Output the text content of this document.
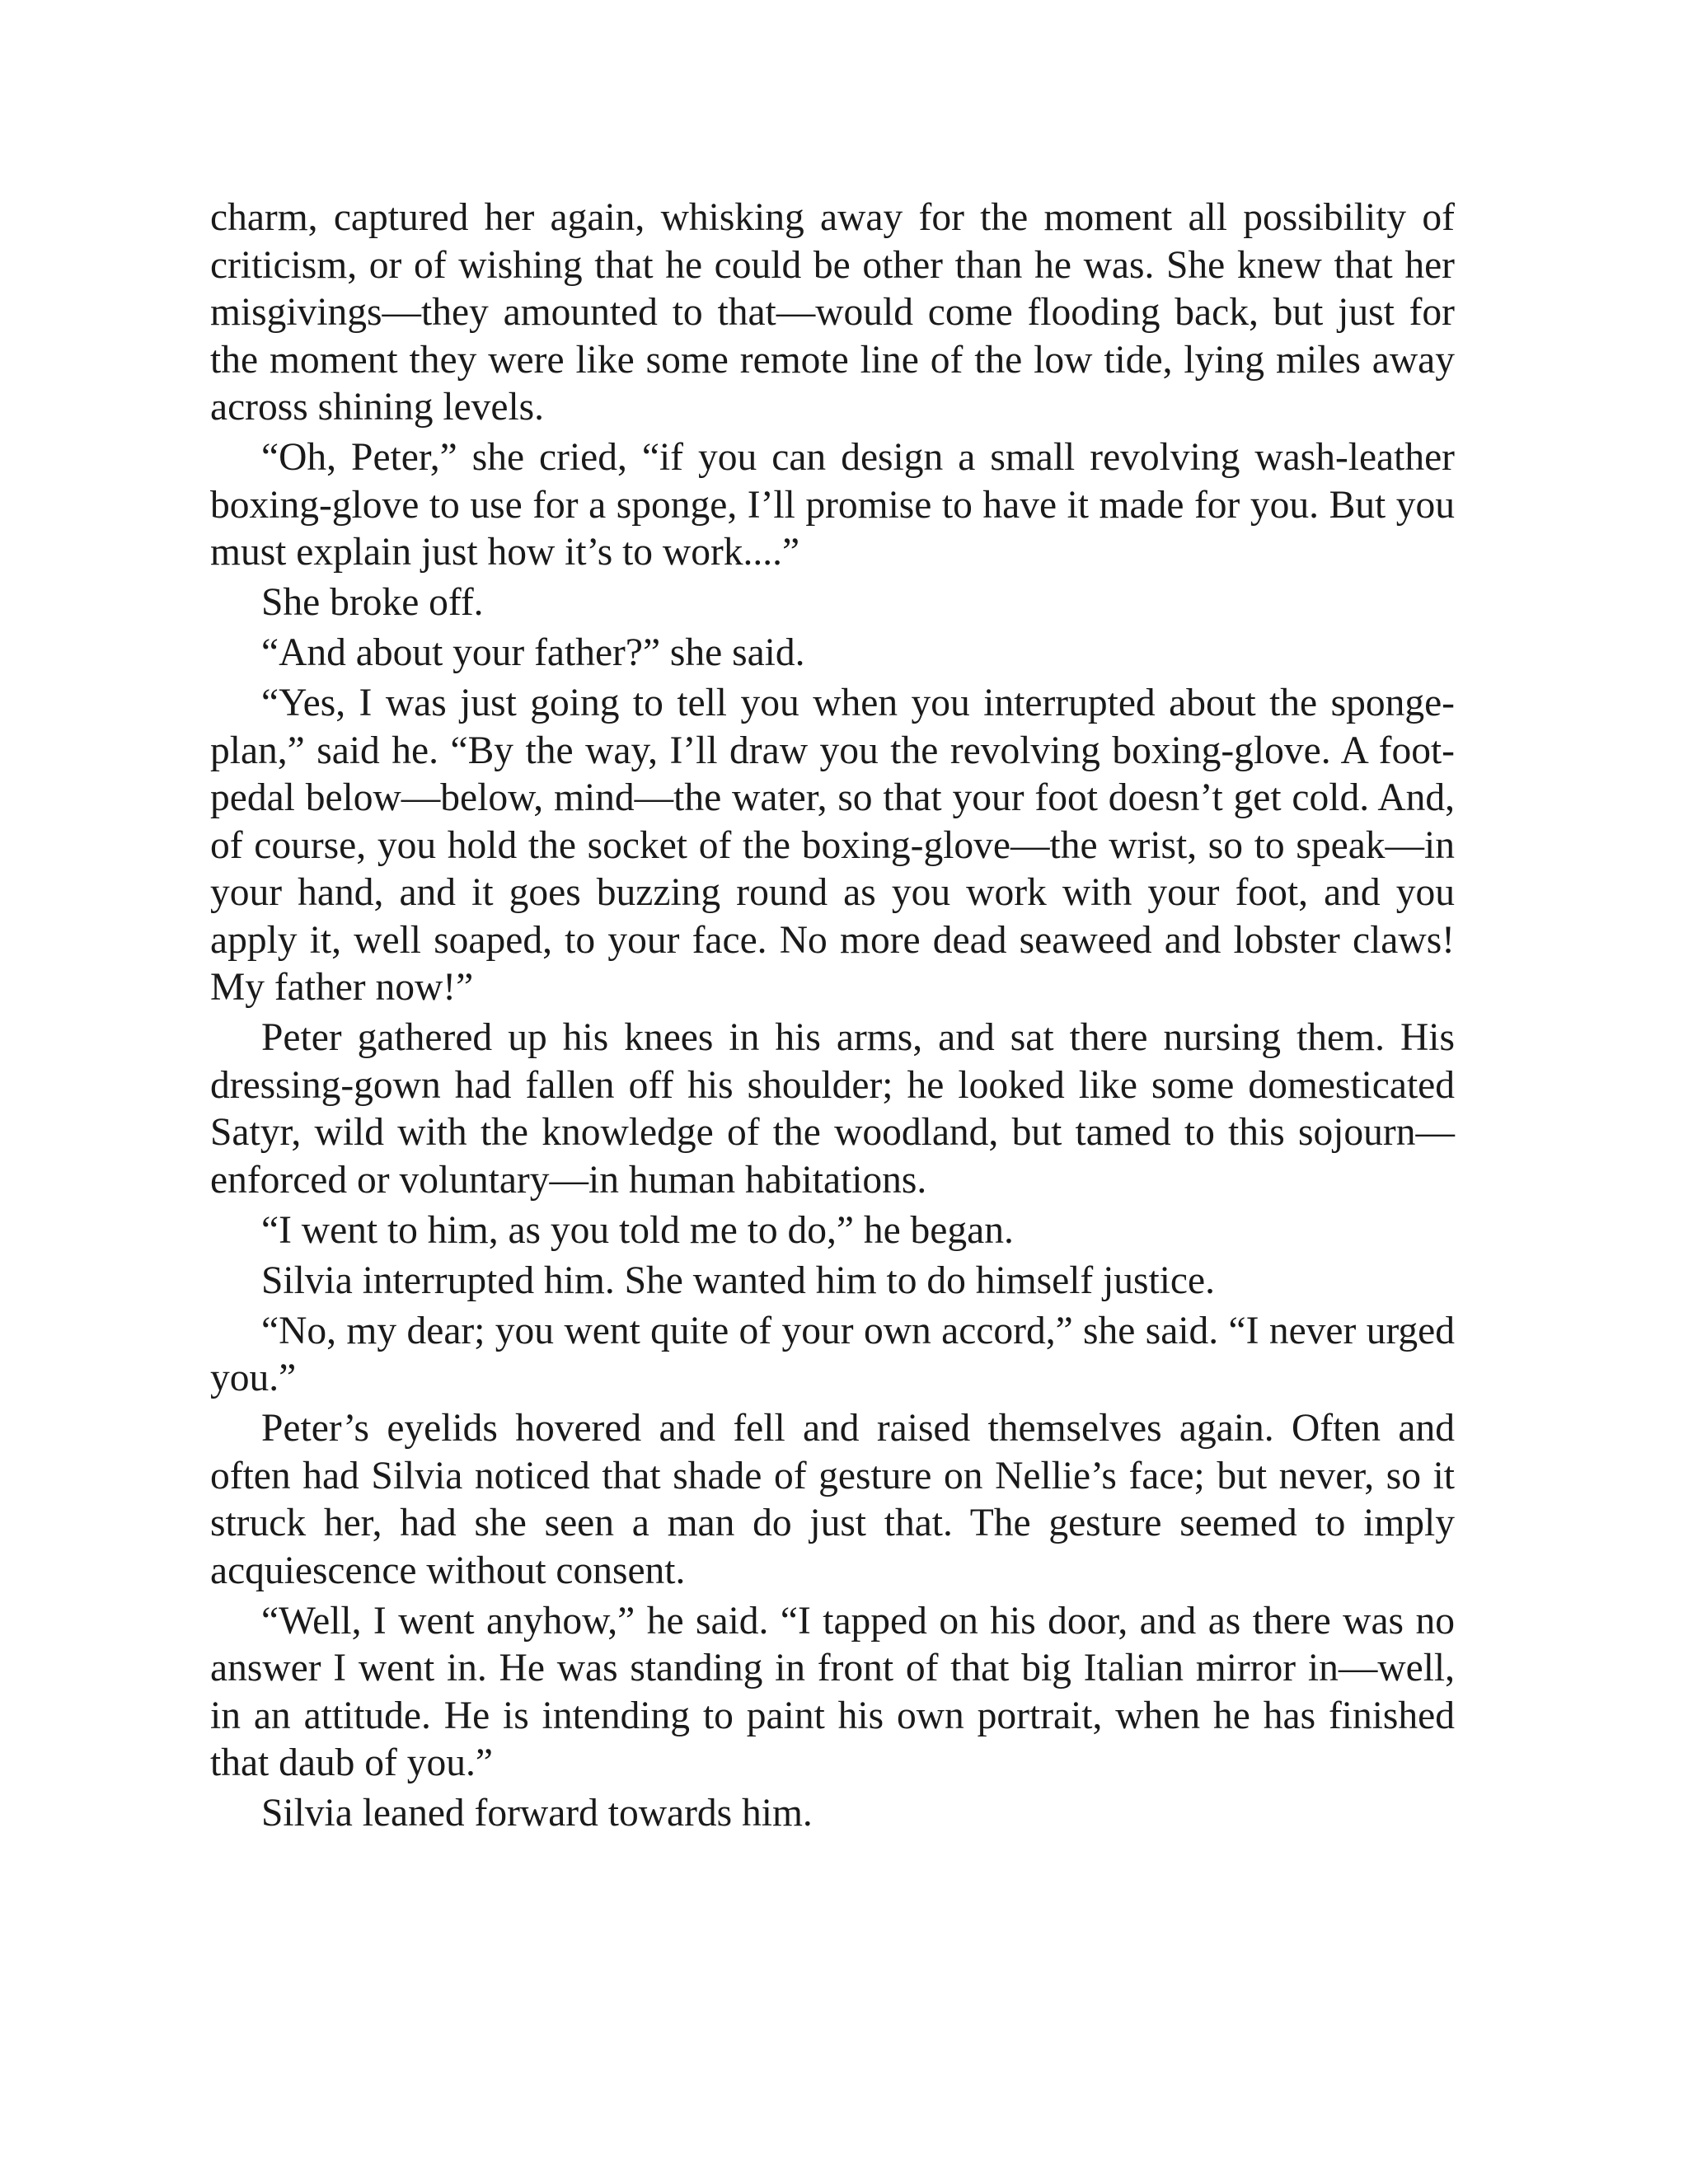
charm, captured her again, whisking away for the moment all possibility of criticism, or of wishing that he could be other than he was. She knew that her misgivings—they amounted to that—would come flooding back, but just for the moment they were like some remote line of the low tide, lying miles away across shining levels.

“Oh, Peter,” she cried, “if you can design a small revolving wash-leather boxing-glove to use for a sponge, I’ll promise to have it made for you. But you must explain just how it’s to work....”

She broke off.

“And about your father?” she said.

“Yes, I was just going to tell you when you interrupted about the sponge-plan,” said he. “By the way, I’ll draw you the revolving boxing-glove. A foot-pedal below—below, mind—the water, so that your foot doesn’t get cold. And, of course, you hold the socket of the boxing-glove—the wrist, so to speak—in your hand, and it goes buzzing round as you work with your foot, and you apply it, well soaped, to your face. No more dead seaweed and lobster claws! My father now!”

Peter gathered up his knees in his arms, and sat there nursing them. His dressing-gown had fallen off his shoulder; he looked like some domesticated Satyr, wild with the knowledge of the woodland, but tamed to this sojourn—enforced or voluntary—in human habitations.

“I went to him, as you told me to do,” he began.

Silvia interrupted him. She wanted him to do himself justice.

“No, my dear; you went quite of your own accord,” she said. “I never urged you.”

Peter’s eyelids hovered and fell and raised themselves again. Often and often had Silvia noticed that shade of gesture on Nellie’s face; but never, so it struck her, had she seen a man do just that. The gesture seemed to imply acquiescence without consent.

“Well, I went anyhow,” he said. “I tapped on his door, and as there was no answer I went in. He was standing in front of that big Italian mirror in—well, in an attitude. He is intending to paint his own portrait, when he has finished that daub of you.”

Silvia leaned forward towards him.
